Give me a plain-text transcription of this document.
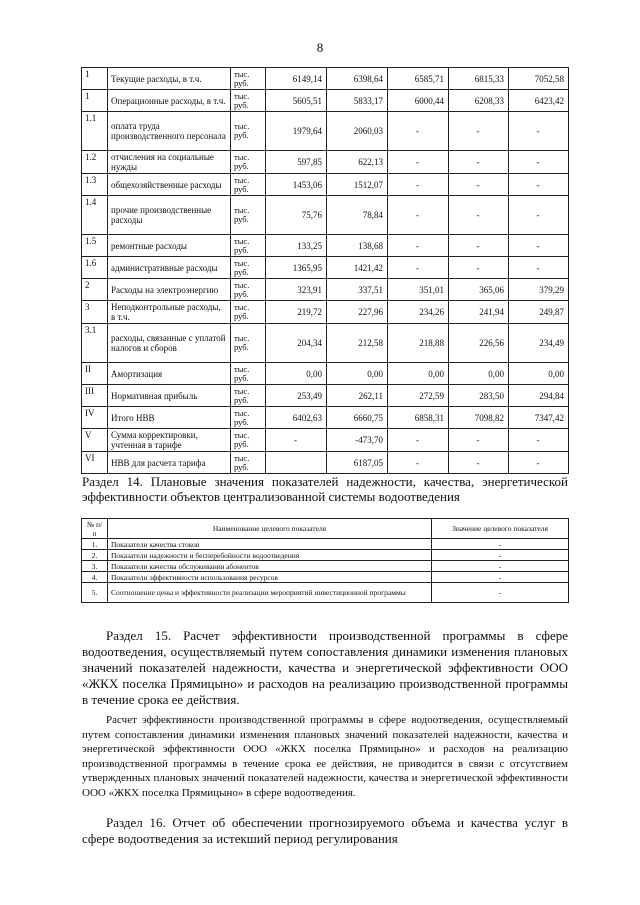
8
1	Текущие расходы, в т.ч.	тыс. руб.	6149,14	6398,64	6585,71	6815,33	7052,58
1	Операционные расходы, в т.ч.	тыс. руб.	5605,51	5833,17	6000,44	6208,33	6423,42
1.1	оплата труда производственного персонала	тыс. руб.	1979,64	2060,03	-	-	-
1.2	отчисления на социальные нужды	тыс. руб.	597,85	622,13	-	-	-
1.3	общехозяйственные расходы	тыс. руб.	1453,06	1512,07	-	-	-
1.4	прочие производственные расходы	тыс. руб.	75,76	78,84	-	-	-
1.5	ремонтные расходы	тыс. руб.	133,25	138,68	-	-	-
1.6	административные расходы	тыс. руб.	1365,95	1421,42	-	-	-
2	Расходы на электроэнергию	тыс. руб.	323,91	337,51	351,01	365,06	379,29
3	Неподконтрольные расходы, в т.ч.	тыс. руб.	219,72	227,96	234,26	241,94	249,87
3.1	расходы, связанные с уплатой налогов и сборов	тыс. руб.	204,34	212,58	218,88	226,56	234,49
II	Амортизация	тыс. руб.	0,00	0,00	0,00	0,00	0,00
III	Нормативная прибыль	тыс. руб.	253,49	262,11	272,59	283,50	294,84
IV	Итого НВВ	тыс. руб.	6402,63	6660,75	6858,31	7098,82	7347,42
V	Сумма корректировки, учтенная в тарифе	тыс. руб.	-	-473,70	-	-	-
VI	НВВ для расчета тарифа	тыс. руб.		6187,05	-	-	-
Раздел 14. Плановые значения показателей надежности, качества, энергетической эффективности объектов централизованной системы водоотведения
№ п/п	Наименование целевого показателя	Значение целевого показателя
1.	Показатели качества стоков	-
2.	Показатели надежности и бесперебойности водоотведения	-
3.	Показатели качества обслуживания абонентов	-
4.	Показатели эффективности использования ресурсов	-
5.	Соотношение цены и эффективности реализации мероприятий инвестиционной программы	-
Раздел 15. Расчет эффективности производственной программы в сфере водоотведения, осуществляемый путем сопоставления динамики изменения плановых значений показателей надежности, качества и энергетической эффективности ООО «ЖКХ поселка Прямицыно» и расходов на реализацию производственной программы в течение срока ее действия.
Расчет эффективности производственной программы в сфере водоотведения, осуществляемый путем сопоставления динамики изменения плановых значений показателей надежности, качества и энергетической эффективности ООО «ЖКХ поселка Прямицыно» и расходов на реализацию производственной программы в течение срока ее действия, не приводится в связи с отсутствием утвержденных плановых значений показателей надежности, качества и энергетической эффективности ООО «ЖКХ поселка Прямицыно» в сфере водоотведения.
Раздел 16. Отчет об обеспечении прогнозируемого объема и качества услуг в сфере водоотведения за истекший период регулирования
